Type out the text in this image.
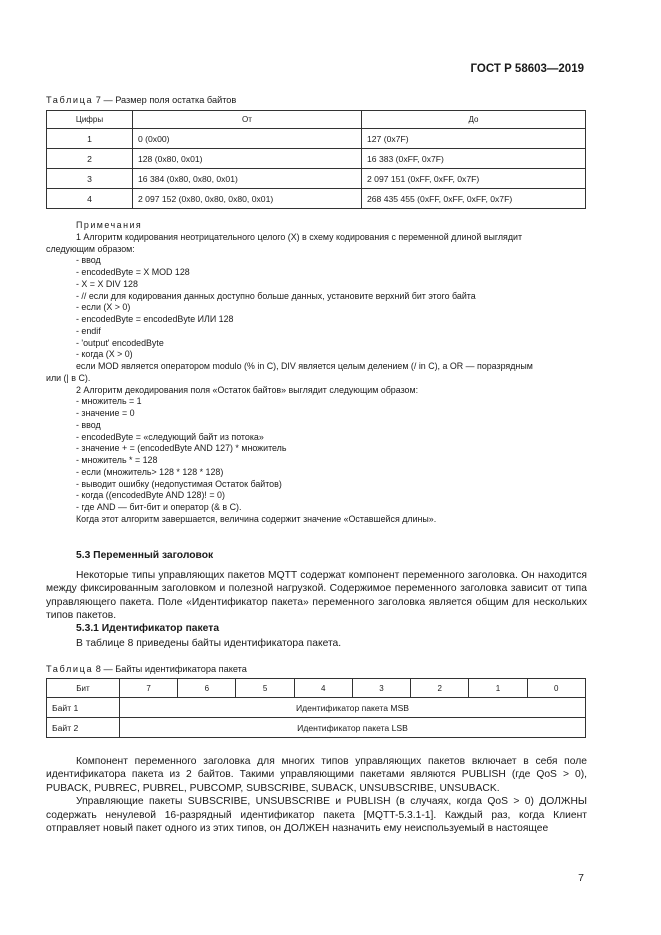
ГОСТ Р 58603—2019
Таблица 7 — Размер поля остатка байтов
Цифры	От	До
1	0 (0x00)	127 (0x7F)
2	128 (0x80, 0x01)	16 383 (0xFF, 0x7F)
3	16 384 (0x80, 0x80, 0x01)	2 097 151 (0xFF, 0xFF, 0x7F)
4	2 097 152 (0x80, 0x80, 0x80, 0x01)	268 435 455 (0xFF, 0xFF, 0xFF, 0x7F)

Примечания

1 Алгоритм кодирования неотрицательного целого (X) в схему кодирования с переменной длиной выглядит

следующим образом:

- ввод

- encodedByte = X MOD 128

- X = X DIV 128

- // если для кодирования данных доступно больше данных, установите верхний бит этого байта

- если (X > 0)

- encodedByte = encodedByte ИЛИ 128

- endif

- 'output' encodedByte

- когда (X > 0)

если MOD является оператором modulo (% in C), DIV является целым делением (/ in C), а OR — поразрядным

или (| в C).

2 Алгоритм декодирования поля «Остаток байтов» выглядит следующим образом:

- множитель = 1

- значение = 0

- ввод

- encodedByte = «следующий байт из потока»

- значение + = (encodedByte AND 127) * множитель

- множитель * = 128

- если (множитель> 128 * 128 * 128)

- выводит ошибку (недопустимая Остаток байтов)

- когда ((encodedByte AND 128)! = 0)

- где AND — бит-бит и оператор (& в C).

Когда этот алгоритм завершается, величина содержит значение «Оставшейся длины».

5.3 Переменный заголовок

Некоторые типы управляющих пакетов MQTT содержат компонент переменного заголовка. Он находится между фиксированным заголовком и полезной нагрузкой. Содержимое переменного заголовка зависит от типа управляющего пакета. Поле «Идентификатор пакета» переменного заголовка является общим для нескольких типов пакетов.

5.3.1 Идентификатор пакета

В таблице 8 приведены байты идентификатора пакета.

Таблица 8 — Байты идентификатора пакета
Бит	7	6	5	4	3	2	1	0
Байт 1	Идентификатор пакета MSB							
Байт 2	Идентификатор пакета LSB							

Компонент переменного заголовка для многих типов управляющих пакетов включает в себя поле идентификатора пакета из 2 байтов. Такими управляющими пакетами являются PUBLISH (где QoS > 0), PUBACK, PUBREC, PUBREL, PUBCOMP, SUBSCRIBE, SUBACK, UNSUBSCRIBE, UNSUBACK.

Управляющие пакеты SUBSCRIBE, UNSUBSCRIBE и PUBLISH (в случаях, когда QoS > 0) ДОЛЖНЫ содержать ненулевой 16-разрядный идентификатор пакета [MQTT-5.3.1-1]. Каждый раз, когда Клиент отправляет новый пакет одного из этих типов, он ДОЛЖЕН назначить ему неиспользуемый в настоящее

7
